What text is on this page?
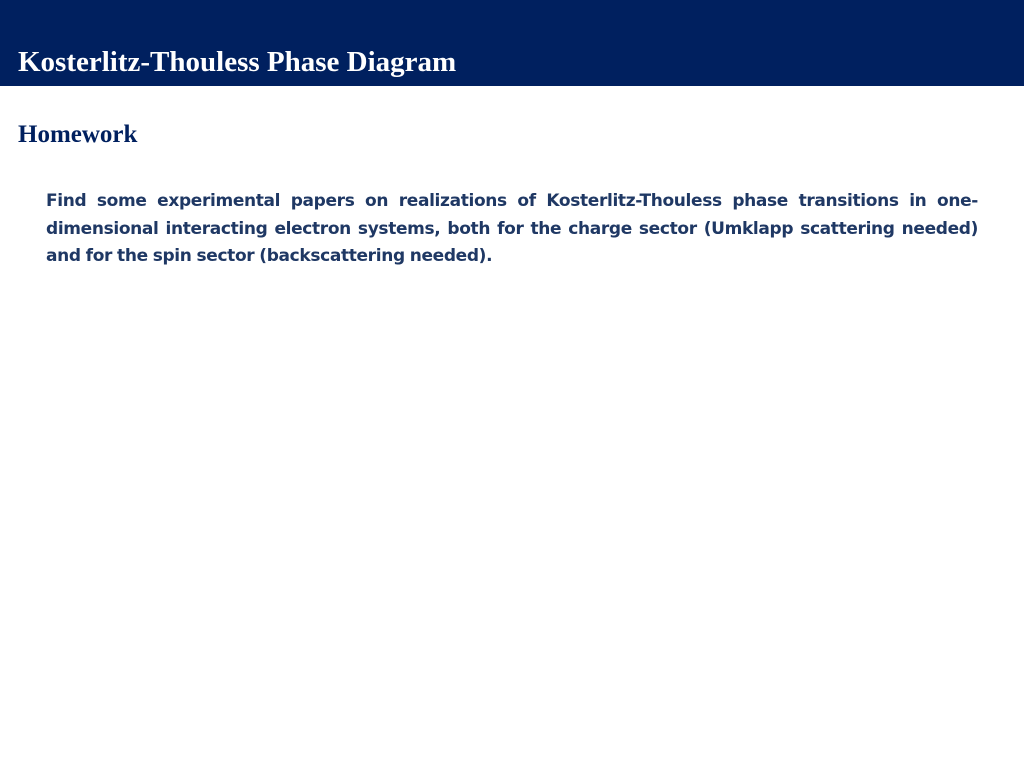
Kosterlitz-Thouless Phase Diagram
Homework

Find some experimental papers on realizations of Kosterlitz-Thouless phase transitions in one-dimensional interacting electron systems, both for the charge sector (Umklapp scattering needed) and for the spin sector (backscattering needed).
